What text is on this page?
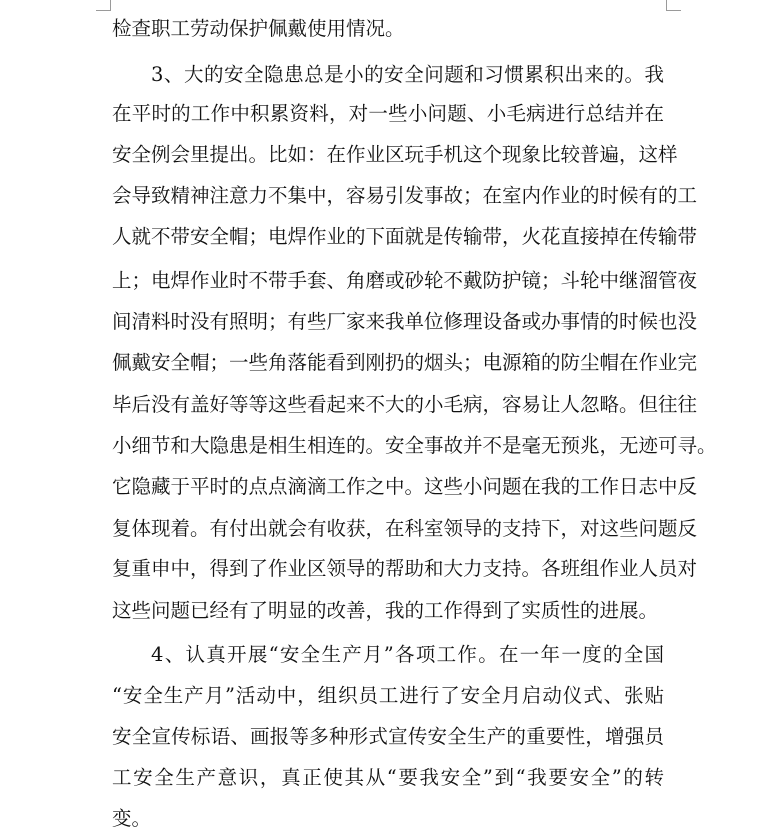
检查职工劳动保护佩戴使用情况。
3、大的安全隐患总是小的安全问题和习惯累积出来的。我
在平时的工作中积累资料，对一些小问题、小毛病进行总结并在
安全例会里提出。比如：在作业区玩手机这个现象比较普遍，这样
会导致精神注意力不集中，容易引发事故；在室内作业的时候有的工
人就不带安全帽；电焊作业的下面就是传输带，火花直接掉在传输带
上；电焊作业时不带手套、角磨或砂轮不戴防护镜；斗轮中继溜管夜
间清料时没有照明；有些厂家来我单位修理设备或办事情的时候也没
佩戴安全帽；一些角落能看到刚扔的烟头；电源箱的防尘帽在作业完
毕后没有盖好等等这些看起来不大的小毛病，容易让人忽略。但往往
小细节和大隐患是相生相连的。安全事故并不是毫无预兆，无迹可寻。
它隐藏于平时的点点滴滴工作之中。这些小问题在我的工作日志中反
复体现着。有付出就会有收获，在科室领导的支持下，对这些问题反
复重申中，得到了作业区领导的帮助和大力支持。各班组作业人员对
这些问题已经有了明显的改善，我的工作得到了实质性的进展。
4、认真开展“安全生产月”各项工作。在一年一度的全国
“安全生产月”活动中，组织员工进行了安全月启动仪式、张贴
安全宣传标语、画报等多种形式宣传安全生产的重要性，增强员
工安全生产意识，真正使其从“要我安全”到“我要安全”的转
变。
